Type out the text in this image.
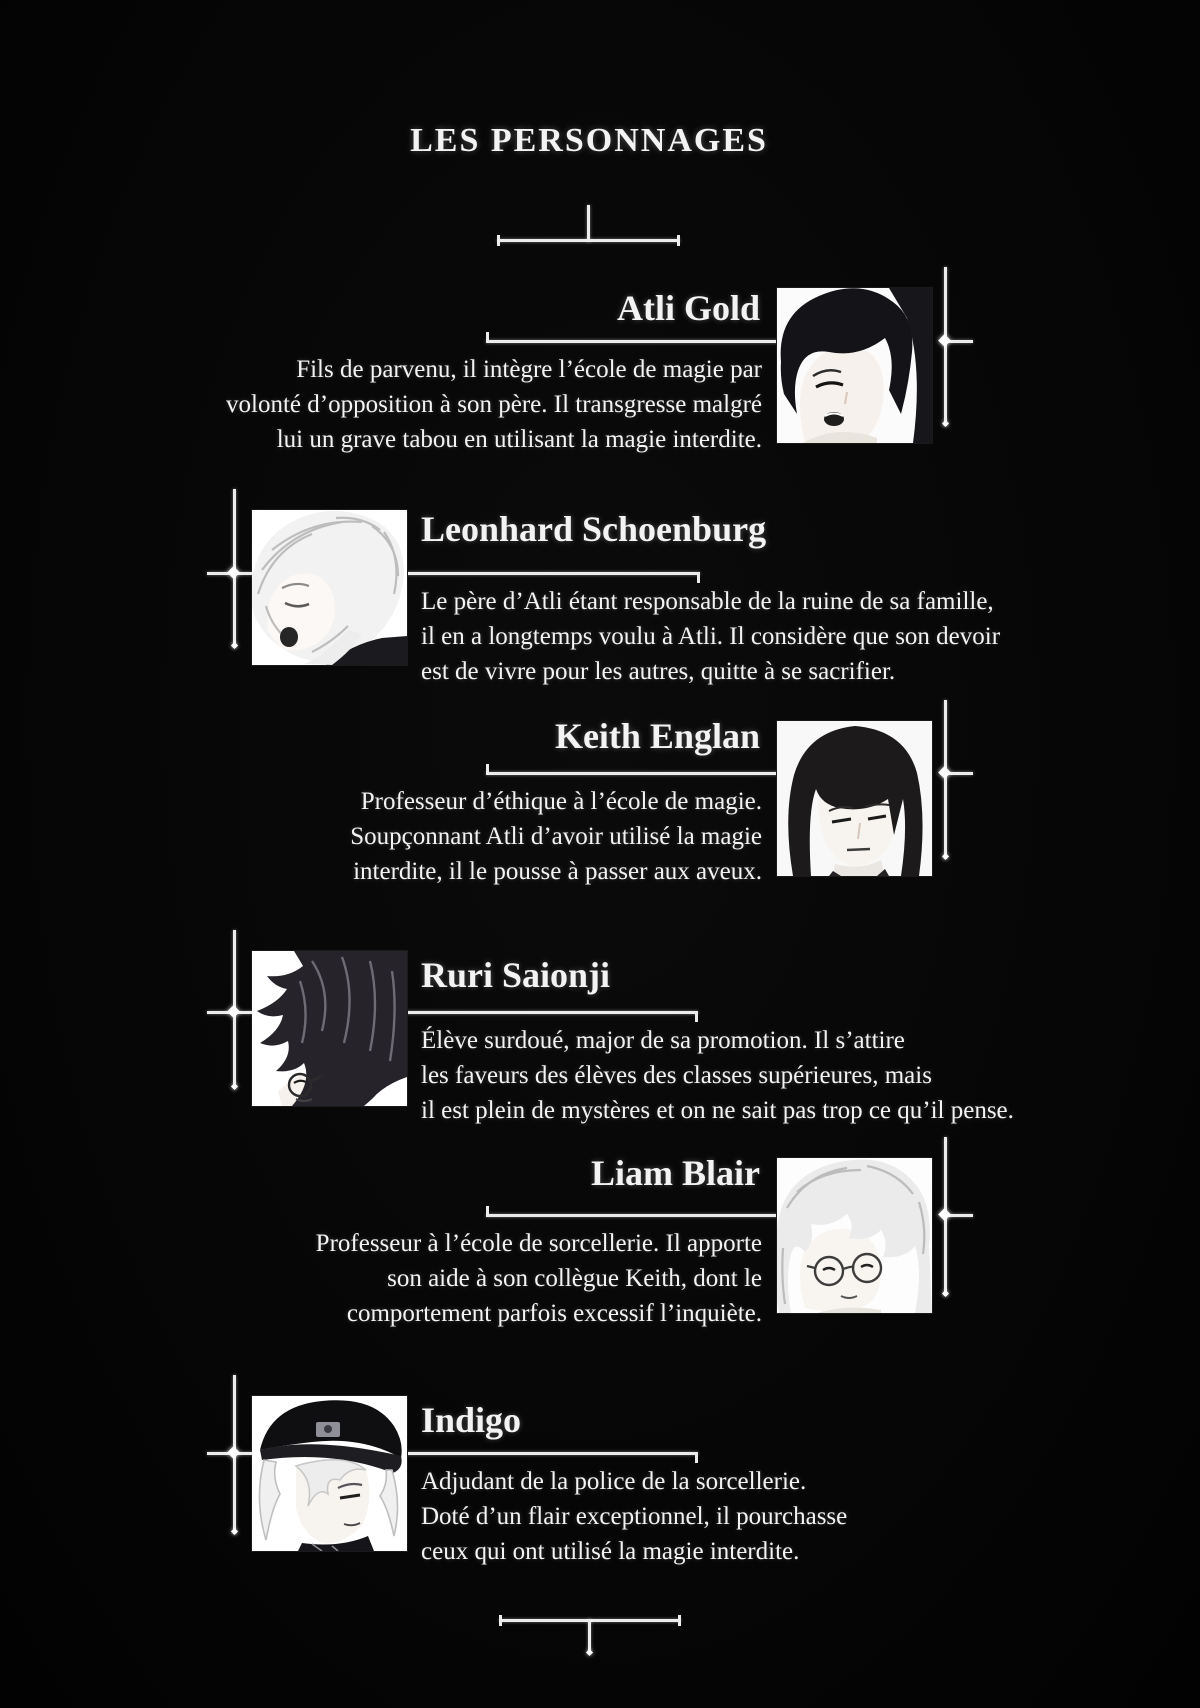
LES PERSONNAGES
Atli Gold
Fils de parvenu, il intègre l’école de magie par
volonté d’opposition à son père. Il transgresse malgré
lui un grave tabou en utilisant la magie interdite.
Leonhard Schoenburg
Le père d’Atli étant responsable de la ruine de sa famille,
il en a longtemps voulu à Atli. Il considère que son devoir
est de vivre pour les autres, quitte à se sacrifier.
Keith Englan
Professeur d’éthique à l’école de magie.
Soupçonnant Atli d’avoir utilisé la magie
interdite, il le pousse à passer aux aveux.
Ruri Saionji
Élève surdoué, major de sa promotion. Il s’attire
les faveurs des élèves des classes supérieures, mais
il est plein de mystères et on ne sait pas trop ce qu’il pense.
Liam Blair
Professeur à l’école de sorcellerie. Il apporte
son aide à son collègue Keith, dont le
comportement parfois excessif l’inquiète.
Indigo
Adjudant de la police de la sorcellerie.
Doté d’un flair exceptionnel, il pourchasse
ceux qui ont utilisé la magie interdite.
